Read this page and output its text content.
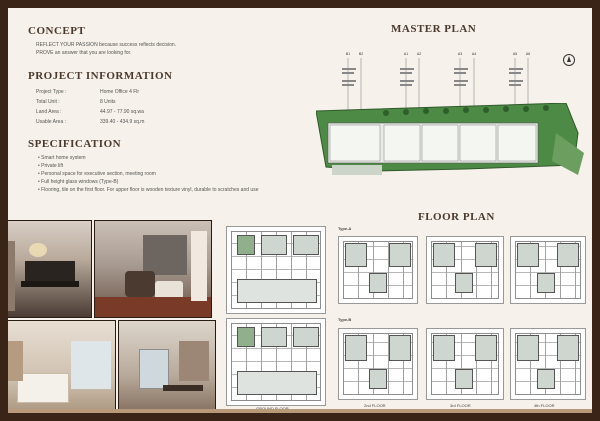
CONCEPT
REFLECT YOUR PASSION because success reflects decision.
PROVE an answer that you are looking for.
PROJECT INFORMATION
Project Type :	Home Office 4 Flr
Total Unit :	8 Units
Land Area :	44.97 - 77.90 sq.wa
Usable Area :	339.40 - 434.9 sq.m
SPECIFICATION
• Smart home system
• Private lift
• Personal space for executive section, meeting room
• Full height glass windows (Type-B)
• Flooring, tile on the first floor. For upper floor is wooden texture vinyl, durable to scratches and use
MASTER PLAN
B1	B2	A1	A2	A3	A4	A5	A6
FLOOR PLAN
Type-A
Type-B
2nd FLOOR	3rd FLOOR	4th FLOOR
